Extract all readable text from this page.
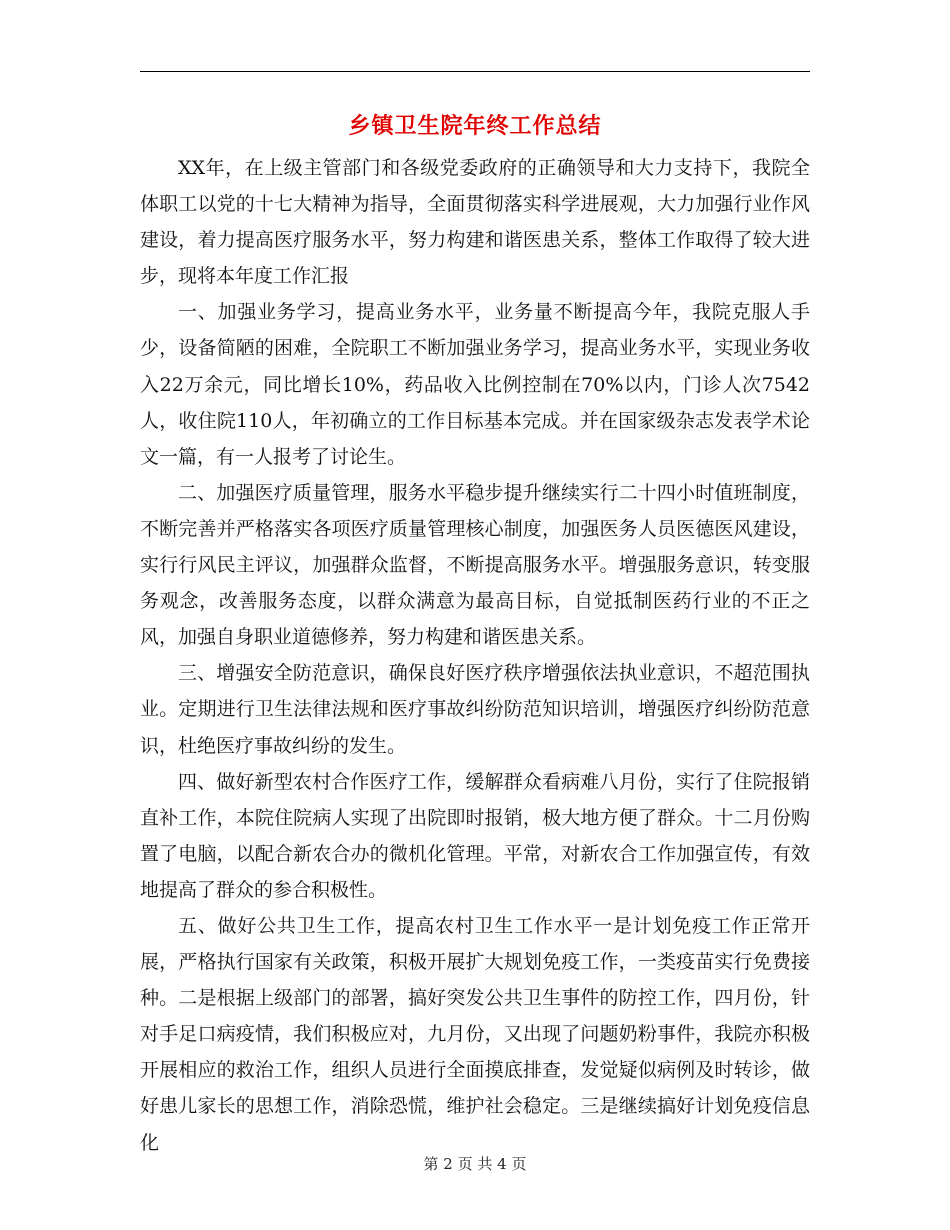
乡镇卫生院年终工作总结

XX年，在上级主管部门和各级党委政府的正确领导和大力支持下，我院全体职工以党的十七大精神为指导，全面贯彻落实科学进展观，大力加强行业作风建设，着力提高医疗服务水平，努力构建和谐医患关系，整体工作取得了较大进步，现将本年度工作汇报

一、加强业务学习，提高业务水平，业务量不断提高今年，我院克服人手少，设备简陋的困难，全院职工不断加强业务学习，提高业务水平，实现业务收入22万余元，同比增长10%，药品收入比例控制在70%以内，门诊人次7542人，收住院110人，年初确立的工作目标基本完成。并在国家级杂志发表学术论文一篇，有一人报考了讨论生。

二、加强医疗质量管理，服务水平稳步提升继续实行二十四小时值班制度，不断完善并严格落实各项医疗质量管理核心制度，加强医务人员医德医风建设，实行行风民主评议，加强群众监督，不断提高服务水平。增强服务意识，转变服务观念，改善服务态度，以群众满意为最高目标，自觉抵制医药行业的不正之风，加强自身职业道德修养，努力构建和谐医患关系。

三、增强安全防范意识，确保良好医疗秩序增强依法执业意识，不超范围执业。定期进行卫生法律法规和医疗事故纠纷防范知识培训，增强医疗纠纷防范意识，杜绝医疗事故纠纷的发生。

四、做好新型农村合作医疗工作，缓解群众看病难八月份，实行了住院报销直补工作，本院住院病人实现了出院即时报销，极大地方便了群众。十二月份购置了电脑，以配合新农合办的微机化管理。平常，对新农合工作加强宣传，有效地提高了群众的参合积极性。

五、做好公共卫生工作，提高农村卫生工作水平一是计划免疫工作正常开展，严格执行国家有关政策，积极开展扩大规划免疫工作，一类疫苗实行免费接种。二是根据上级部门的部署，搞好突发公共卫生事件的防控工作，四月份，针对手足口病疫情，我们积极应对，九月份，又出现了问题奶粉事件，我院亦积极开展相应的救治工作，组织人员进行全面摸底排查，发觉疑似病例及时转诊，做好患儿家长的思想工作，消除恐慌，维护社会稳定。三是继续搞好计划免疫信息化

第 2 页 共 4 页
